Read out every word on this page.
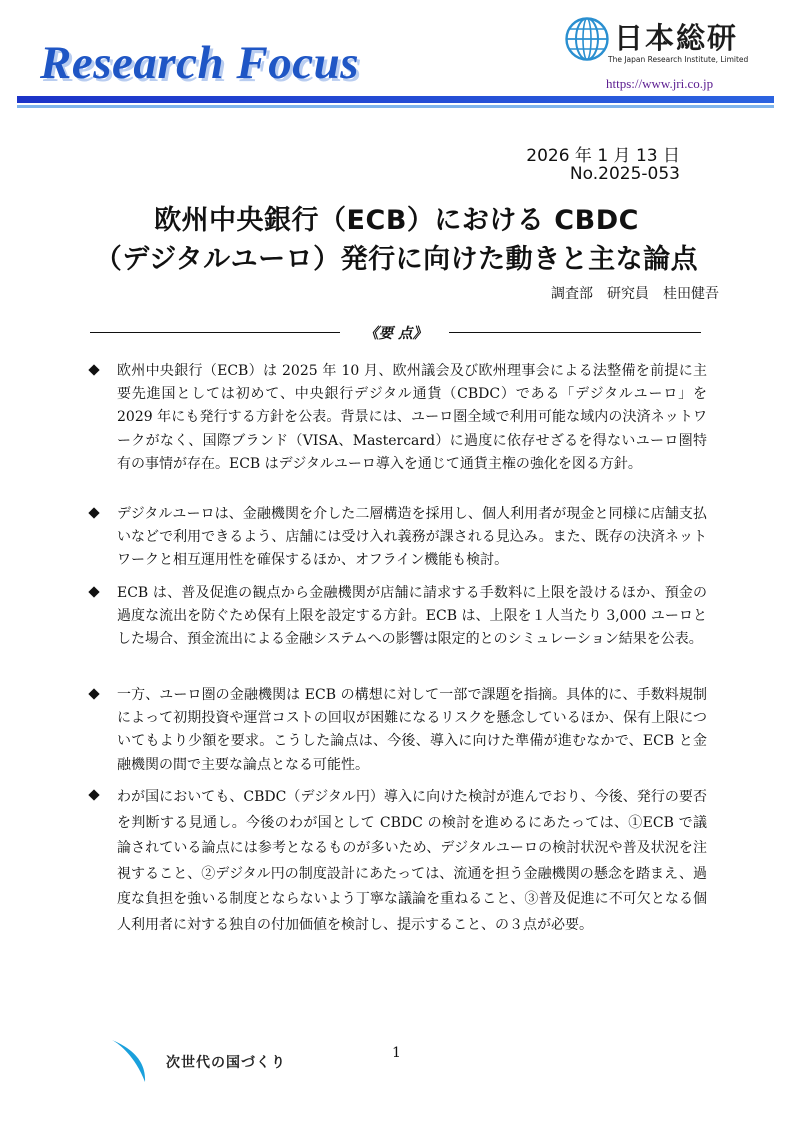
Research Focus	日本総研
The Japan Research Institute, Limited
https://www.jri.co.jp
2026 年 1 月 13 日
No.2025-053
欧州中央銀行（ECB）における CBDC
（デジタルユーロ）発行に向けた動きと主な論点
調査部　研究員　桂田健吾
《要 点》

欧州中央銀行（ECB）は 2025 年 10 月、欧州議会及び欧州理事会による法整備を前提に主要先進国としては初めて、中央銀行デジタル通貨（CBDC）である「デジタルユーロ」を 2029 年にも発行する方針を公表。背景には、ユーロ圏全域で利用可能な域内の決済ネットワークがなく、国際ブランド（VISA、Mastercard）に過度に依存せざるを得ないユーロ圏特有の事情が存在。ECB はデジタルユーロ導入を通じて通貨主権の強化を図る方針。

デジタルユーロは、金融機関を介した二層構造を採用し、個人利用者が現金と同様に店舗支払いなどで利用できるよう、店舗には受け入れ義務が課される見込み。また、既存の決済ネットワークと相互運用性を確保するほか、オフライン機能も検討。

ECB は、普及促進の観点から金融機関が店舗に請求する手数料に上限を設けるほか、預金の過度な流出を防ぐため保有上限を設定する方針。ECB は、上限を１人当たり 3,000 ユーロとした場合、預金流出による金融システムへの影響は限定的とのシミュレーション結果を公表。

一方、ユーロ圏の金融機関は ECB の構想に対して一部で課題を指摘。具体的に、手数料規制によって初期投資や運営コストの回収が困難になるリスクを懸念しているほか、保有上限についてもより少額を要求。こうした論点は、今後、導入に向けた準備が進むなかで、ECB と金融機関の間で主要な論点となる可能性。

わが国においても、CBDC（デジタル円）導入に向けた検討が進んでおり、今後、発行の要否を判断する見通し。今後のわが国として CBDC の検討を進めるにあたっては、①ECB で議論されている論点には参考となるものが多いため、デジタルユーロの検討状況や普及状況を注視すること、②デジタル円の制度設計にあたっては、流通を担う金融機関の懸念を踏まえ、過度な負担を強いる制度とならないよう丁寧な議論を重ねること、③普及促進に不可欠となる個人利用者に対する独自の付加価値を検討し、提示すること、の３点が必要。

次世代の国づくり
1
